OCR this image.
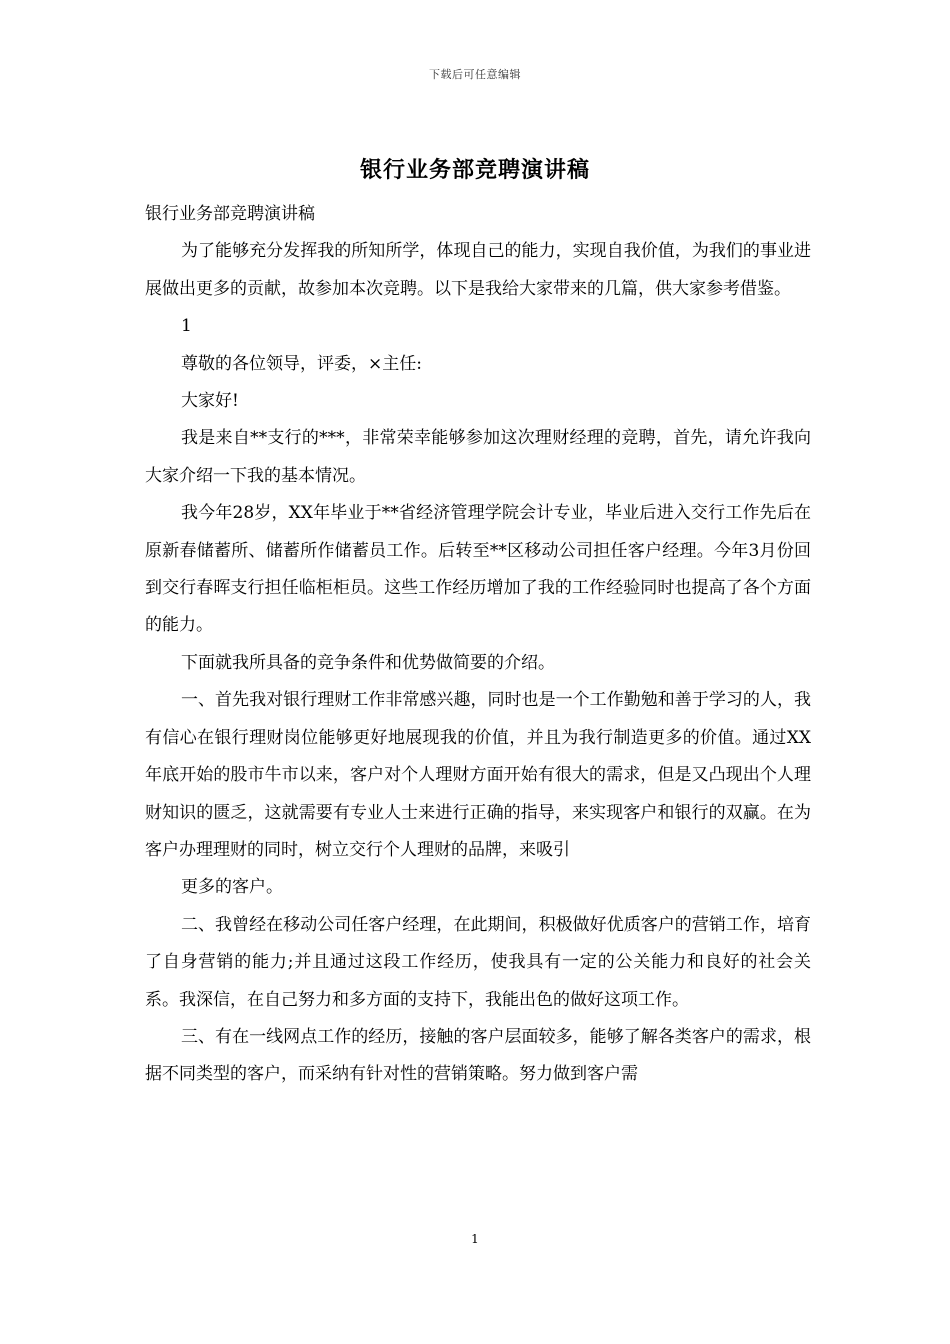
下载后可任意编辑
银行业务部竞聘演讲稿

银行业务部竞聘演讲稿

为了能够充分发挥我的所知所学，体现自己的能力，实现自我价值，为我们的事业进展做出更多的贡献，故参加本次竞聘。以下是我给大家带来的几篇，供大家参考借鉴。

1

尊敬的各位领导，评委，×主任:

大家好!

我是来自**支行的***，非常荣幸能够参加这次理财经理的竞聘，首先，请允许我向大家介绍一下我的基本情况。

我今年28岁，XX年毕业于**省经济管理学院会计专业，毕业后进入交行工作先后在原新春储蓄所、储蓄所作储蓄员工作。后转至**区移动公司担任客户经理。今年3月份回到交行春晖支行担任临柜柜员。这些工作经历增加了我的工作经验同时也提高了各个方面的能力。

下面就我所具备的竞争条件和优势做简要的介绍。

一、首先我对银行理财工作非常感兴趣，同时也是一个工作勤勉和善于学习的人，我有信心在银行理财岗位能够更好地展现我的价值，并且为我行制造更多的价值。通过XX年底开始的股市牛市以来，客户对个人理财方面开始有很大的需求，但是又凸现出个人理财知识的匮乏，这就需要有专业人士来进行正确的指导，来实现客户和银行的双赢。在为客户办理理财的同时，树立交行个人理财的品牌，来吸引

更多的客户。

二、我曾经在移动公司任客户经理，在此期间，积极做好优质客户的营销工作，培育了自身营销的能力;并且通过这段工作经历，使我具有一定的公关能力和良好的社会关系。我深信，在自己努力和多方面的支持下，我能出色的做好这项工作。

三、有在一线网点工作的经历，接触的客户层面较多，能够了解各类客户的需求，根据不同类型的客户，而采纳有针对性的营销策略。努力做到客户需

1
